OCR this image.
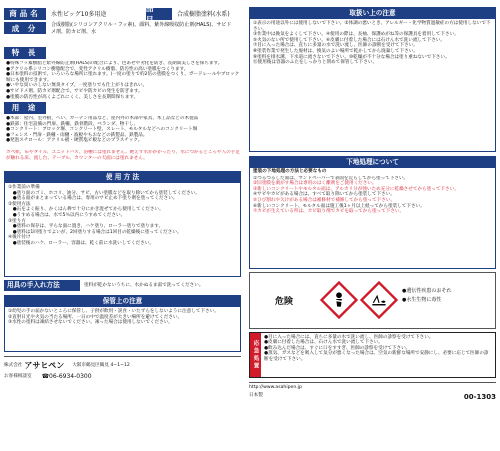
商品名	水性ビッグ10多用途
品 目	合成樹脂塗料(水系)
成 分	合成樹脂(シリコンアクリル・フッ素)、顔料、紫外線吸収防止剤(HALS)、サビドメ剤、防カビ剤、水
特 長
●特殊フッ素樹脂と紫外線防止剤(HALS)の配合により、色あせや劣化を防ぎ、長期間美しさを保ちます。
●アクリル系シリコン樹脂配合で、変性アクリル樹脂、防汚性の高い塗膜をつくります。
●日本塗料の技術で、いろいろな場所に塗れます。(一度の塗りで約2倍の塗膜をつくり、ガードレールやブロック塀にも使用できます。
●いやな臭いのしない無臭タイプ。一度塗りでも仕上がりはきれい。
●サビドメ剤、防カビ剤配合で、サビや防カビの発生を防ぎます。
●塗膜の防汚性が高くよごれにくく、美しさを長期間保ちます。
用 途
●木部：屋内、室外板、へい、ガーデン用品など、屋内外の木部や家具、木工品などの木製品
●鉄部：住宅設備の門扉、鉄柵、鉄骨階段、ベランダ、物干し、
●コンクリート：ブロック塀、コンクリート壁、スレート、モルタルなどへのコンクリート塀
●フェンス・門扉・鉄柵・雨樋・波板やもおなどの鉄製品、鉄製品。
●発泡スチロール：アクリル板・硬質塩ビ板などのプラスチック。
カベ紙、布やタイル、ユニットバス、浴槽には塗れません。絶えず水がかかったり、水につかるところや人の手足が触れる床、流し台、テーブル、カウンターの天面には塗れません。
使 用 方 法
①作業前の準備
　●塗り面のゴミ、ホコリ、油分、サビ、古い塗膜などを取り除いてから塗装してください。
　●塗る面がまとまっている場合は、専用のサビ止め下塗り剤を塗ってください。
②使用方法
　●缶をよく振り、かくはん棒で十分にかき混ぜてから使用してください。
　●うすめる場合は、水で5％以内にうすめてください。
③塗り方
　●塗料の保存は、平らな面に置き、ハケ塗り、ローラー塗りで塗ります。
　●塗料は1回塗りでよいが、2回塗りする場合は1回目の乾燥後に塗ってください。
④後片付け
　●塗装後のハケ、ローラー、容器は、乾く前に水洗いしてください。
用具の手入れ方法	塗料が乾かないうちに、水かぬるま湯で洗ってください。
保管上の注意
①幼児の手の届かないところに保管し、子供が飲用・誤食・いたずらをしないように注意して下さい。
②直射日光や火気の当たる場所、一日の中で温度差が大きい場所を避けてください。
③水性の塗料は凍結させないでください。凍った場合は使用しないでください。
株式会社 アサヒペン 大阪市鶴見区鶴見 4−1−12
お客様相談室 ☎06-6934-0300
取扱い上の注意
①表示の用途以外には使用しないで下さい。②体調の悪いとき、アレルギー・化学物質過敏症の方は使用しないで下さい。
③作業中は換気をよくして下さい。④使用の際は、長袖、保護めがね等の保護具を着用して下さい。
⑤火気のない所で使用して下さい。⑥皮膚に付着した場合には石けん水で洗い流して下さい。
⑦目に入った場合は、直ちに多量の水で洗い流し、医師の診断を受けて下さい。
⑧塗装作業で発生した廃材は、換気のよい場所で乾かしてから廃棄して下さい。
⑨塗料を排水溝、下水道に流さないで下さい。⑩乾燥が不十分な場合は塗り重ねないで下さい。
⑪使用後は容器のふたをしっかりと閉めて保管して下さい。
下地処理について
塗装の下地処理の方法と必要なもの
①つるつるした面は、サンドペーパーで表面を荒らしてから塗って下さい。
②旧塗膜を剥がす場合は専用のはく離剤をご使用ください。
③新しいコンクリートやモルタル面は、アルカリ分が強いため充分に乾燥させてから塗って下さい。
④サビやカビがある場合は、すべて取り除いてから塗装して下さい。
⑤ひび割れや欠けがある場合は補修材で補修してから塗って下さい。
⑥新しいコンクリート、モルタル面は施工後1ヶ月以上経ってから塗装して下さい。
⑦カビが生えている所は、カビ取り剤でカビを取ってから塗って下さい。
危険
●遺伝性疾患のおそれ
●水生生物に毒性
応急処置
●目に入った場合には、直ちに多量の水で洗い流し、医師の診察を受けて下さい。
●皮膚に付着した場合は、石けん水で洗い流して下さい。
●飲み込んだ場合は、すぐに口をすすぎ、医師の診察を受けて下さい。
●蒸気、ガスなどを吸入して気分が悪くなった場合は、空気の新鮮な場所で安静にし、必要に応じて医師の診断を受けて下さい。
http://www.asahipen.jp
日本製	00-1303
